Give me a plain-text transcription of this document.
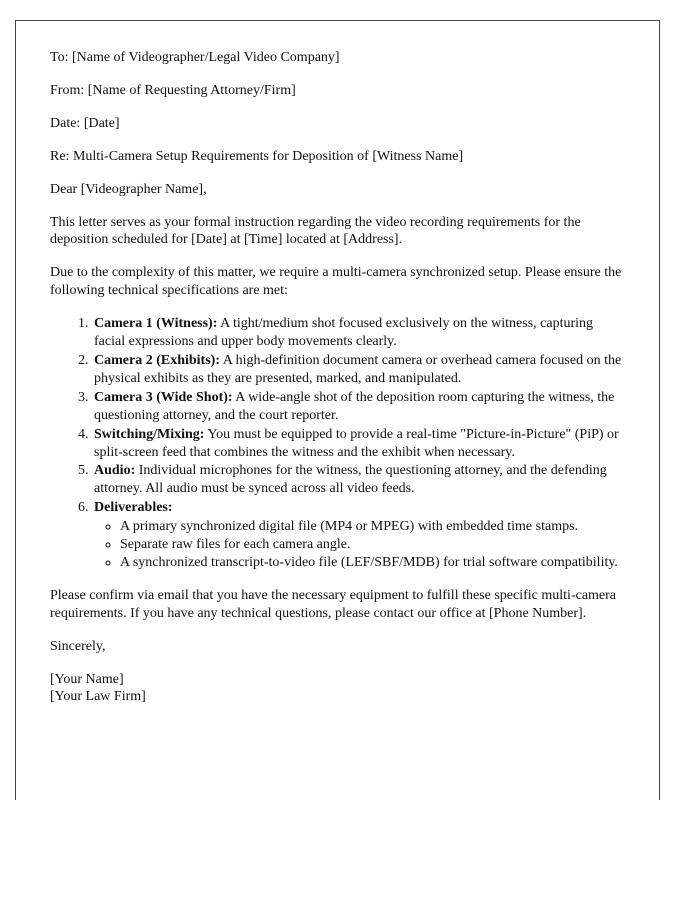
To: [Name of Videographer/Legal Video Company]
From: [Name of Requesting Attorney/Firm]
Date: [Date]
Re: Multi-Camera Setup Requirements for Deposition of [Witness Name]
Dear [Videographer Name],

This letter serves as your formal instruction regarding the video recording requirements for the deposition scheduled for [Date] at [Time] located at [Address].

Due to the complexity of this matter, we require a multi-camera synchronized setup. Please ensure the following technical specifications are met:

1. Camera 1 (Witness): A tight/medium shot focused exclusively on the witness, capturing facial expressions and upper body movements clearly.
2. Camera 2 (Exhibits): A high-definition document camera or overhead camera focused on the physical exhibits as they are presented, marked, and manipulated.
3. Camera 3 (Wide Shot): A wide-angle shot of the deposition room capturing the witness, the questioning attorney, and the court reporter.
4. Switching/Mixing: You must be equipped to provide a real-time "Picture-in-Picture" (PiP) or split-screen feed that combines the witness and the exhibit when necessary.
5. Audio: Individual microphones for the witness, the questioning attorney, and the defending attorney. All audio must be synced across all video feeds.
6. Deliverables:
◦ A primary synchronized digital file (MP4 or MPEG) with embedded time stamps.
◦ Separate raw files for each camera angle.
◦ A synchronized transcript-to-video file (LEF/SBF/MDB) for trial software compatibility.

Please confirm via email that you have the necessary equipment to fulfill these specific multi-camera requirements. If you have any technical questions, please contact our office at [Phone Number].

Sincerely,
[Your Name]
[Your Law Firm]
